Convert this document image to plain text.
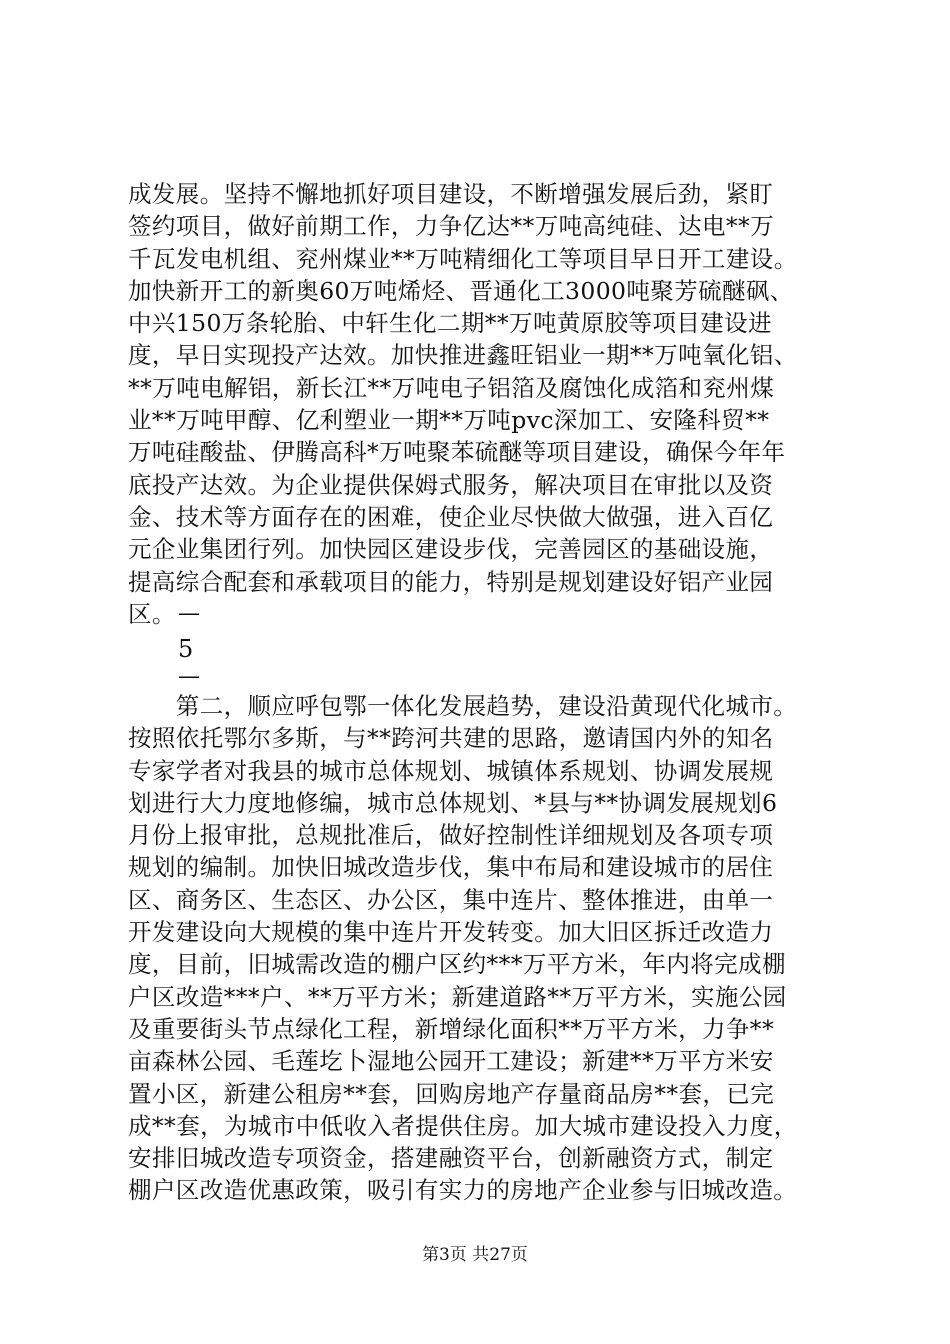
成发展。坚持不懈地抓好项目建设，不断增强发展后劲，紧盯
签约项目，做好前期工作，力争亿达**万吨高纯硅、达电**万
千瓦发电机组、兖州煤业**万吨精细化工等项目早日开工建设。
加快新开工的新奥60万吨烯烃、晋通化工3000吨聚芳硫醚砜、
中兴150万条轮胎、中轩生化二期**万吨黄原胶等项目建设进
度，早日实现投产达效。加快推进鑫旺铝业一期**万吨氧化铝、
**万吨电解铝，新长江**万吨电子铝箔及腐蚀化成箔和兖州煤
业**万吨甲醇、亿利塑业一期**万吨pvc深加工、安隆科贸**
万吨硅酸盐、伊腾高科*万吨聚苯硫醚等项目建设，确保今年年
底投产达效。为企业提供保姆式服务，解决项目在审批以及资
金、技术等方面存在的困难，使企业尽快做大做强，进入百亿
元企业集团行列。加快园区建设步伐，完善园区的基础设施，
提高综合配套和承载项目的能力，特别是规划建设好铝产业园
区。 —
5
—
　　第二，顺应呼包鄂一体化发展趋势，建设沿黄现代化城市。
按照依托鄂尔多斯，与**跨河共建的思路，邀请国内外的知名
专家学者对我县的城市总体规划、城镇体系规划、协调发展规
划进行大力度地修编，城市总体规划、*县与**协调发展规划6
月份上报审批，总规批准后，做好控制性详细规划及各项专项
规划的编制。加快旧城改造步伐，集中布局和建设城市的居住
区、商务区、生态区、办公区，集中连片、整体推进，由单一
开发建设向大规模的集中连片开发转变。加大旧区拆迁改造力
度，目前，旧城需改造的棚户区约***万平方米，年内将完成棚
户区改造***户、**万平方米；新建道路**万平方米，实施公园
及重要街头节点绿化工程，新增绿化面积**万平方米，力争**
亩森林公园、毛莲圪卜湿地公园开工建设；新建**万平方米安
置小区，新建公租房**套，回购房地产存量商品房**套，已完
成**套，为城市中低收入者提供住房。加大城市建设投入力度，
安排旧城改造专项资金，搭建融资平台，创新融资方式，制定
棚户区改造优惠政策，吸引有实力的房地产企业参与旧城改造。
第3页 共27页
